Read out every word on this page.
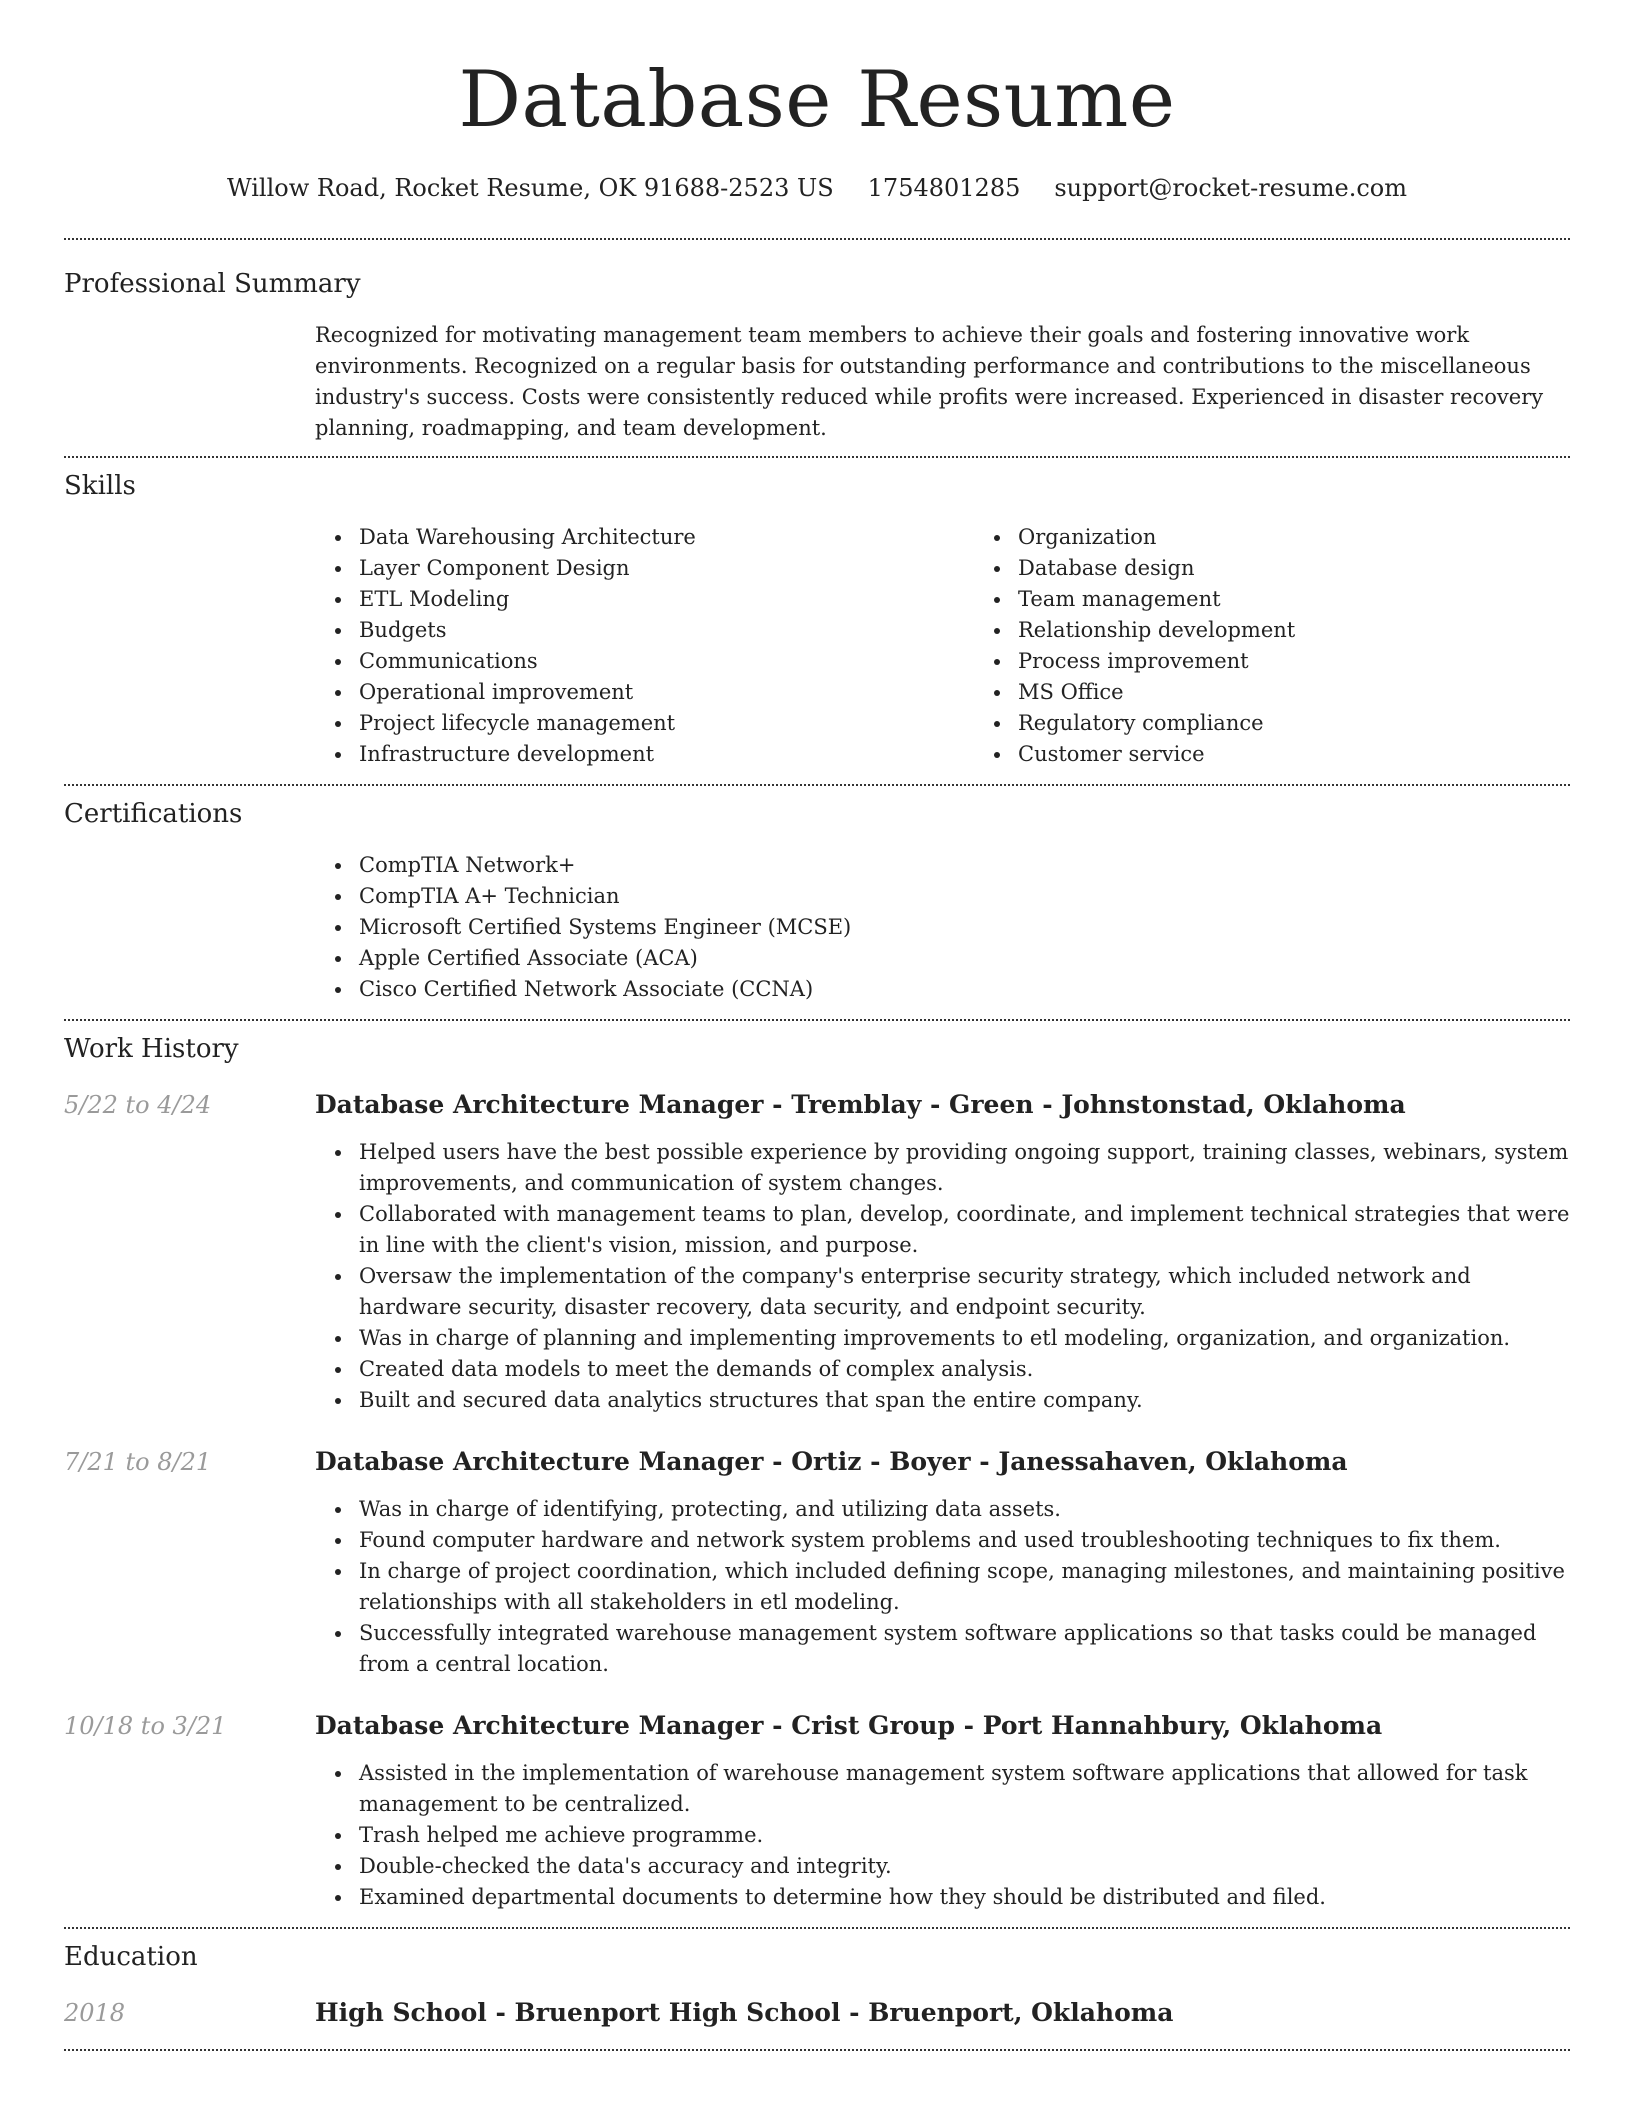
Database Resume
Willow Road, Rocket Resume, OK 91688-2523 US 1754801285 support@rocket-resume.com
Professional Summary

Recognized for motivating management team members to achieve their goals and fostering innovative work environments. Recognized on a regular basis for outstanding performance and contributions to the miscellaneous industry's success. Costs were consistently reduced while profits were increased. Experienced in disaster recovery planning, roadmapping, and team development.

Skills
Data Warehousing Architecture
Layer Component Design
ETL Modeling
Budgets
Communications
Operational improvement
Project lifecycle management
Infrastructure development
Organization
Database design
Team management
Relationship development
Process improvement
MS Office
Regulatory compliance
Customer service
Certifications
CompTIA Network+
CompTIA A+ Technician
Microsoft Certified Systems Engineer (MCSE)
Apple Certified Associate (ACA)
Cisco Certified Network Associate (CCNA)
Work History
5/22 to 4/24	Database Architecture Manager - Tremblay - Green - Johnstonstad, Oklahoma
Helped users have the best possible experience by providing ongoing support, training classes, webinars, system improvements, and communication of system changes.
Collaborated with management teams to plan, develop, coordinate, and implement technical strategies that were in line with the client's vision, mission, and purpose.
Oversaw the implementation of the company's enterprise security strategy, which included network and hardware security, disaster recovery, data security, and endpoint security.
Was in charge of planning and implementing improvements to etl modeling, organization, and organization.
Created data models to meet the demands of complex analysis.
Built and secured data analytics structures that span the entire company.
7/21 to 8/21	Database Architecture Manager - Ortiz - Boyer - Janessahaven, Oklahoma
Was in charge of identifying, protecting, and utilizing data assets.
Found computer hardware and network system problems and used troubleshooting techniques to fix them.
In charge of project coordination, which included defining scope, managing milestones, and maintaining positive relationships with all stakeholders in etl modeling.
Successfully integrated warehouse management system software applications so that tasks could be managed from a central location.
10/18 to 3/21	Database Architecture Manager - Crist Group - Port Hannahbury, Oklahoma
Assisted in the implementation of warehouse management system software applications that allowed for task management to be centralized.
Trash helped me achieve programme.
Double-checked the data's accuracy and integrity.
Examined departmental documents to determine how they should be distributed and filed.
Education
2018	High School - Bruenport High School - Bruenport, Oklahoma
